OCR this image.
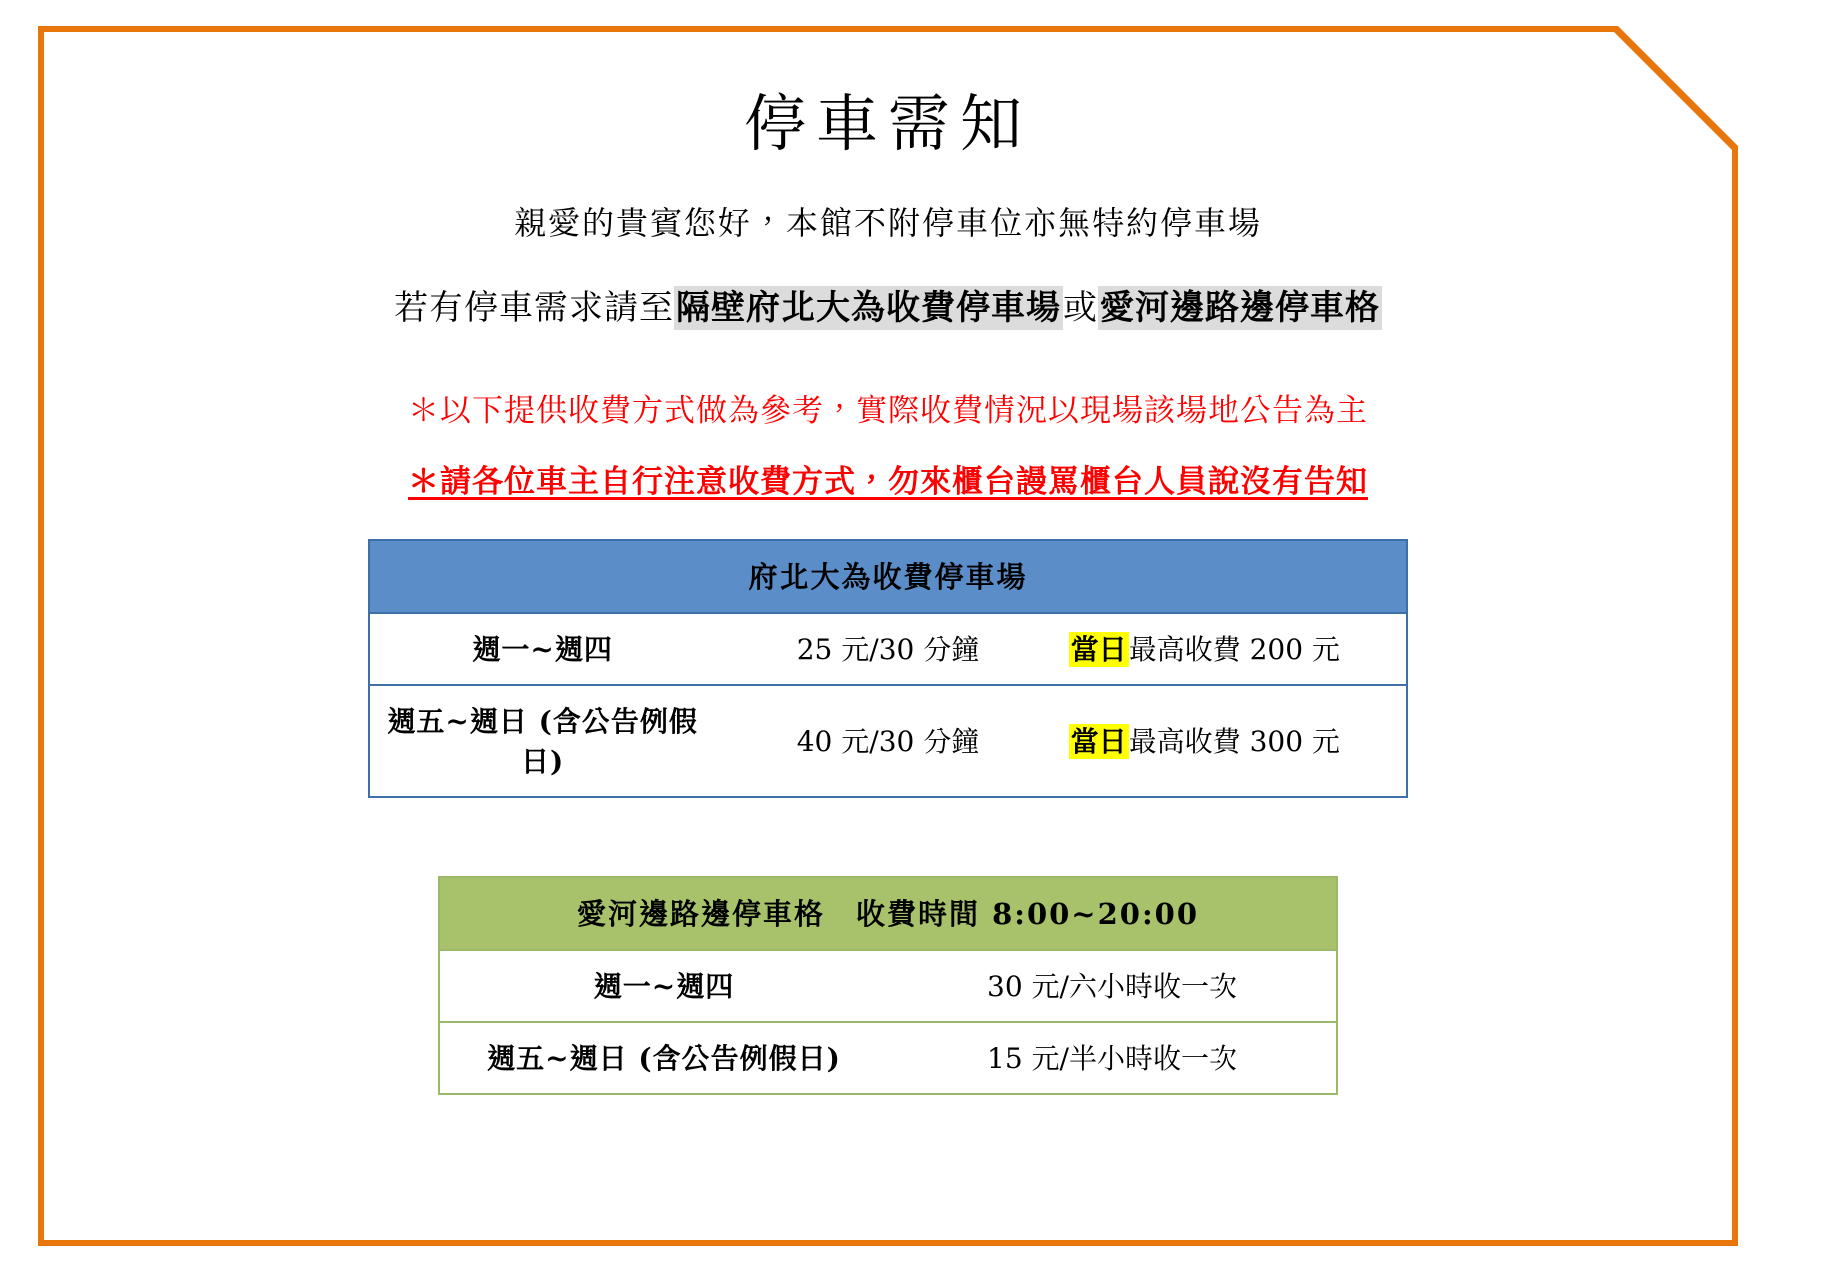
停車需知
親愛的貴賓您好，本館不附停車位亦無特約停車場
若有停車需求請至隔壁府北大為收費停車場或愛河邊路邊停車格
＊以下提供收費方式做為參考，實際收費情況以現場該場地公告為主
＊請各位車主自行注意收費方式，勿來櫃台謾罵櫃台人員說沒有告知
府北大為收費停車場		
週一~週四	25 元/30 分鐘	當日最高收費 200 元
週五~週日 (含公告例假日)	40 元/30 分鐘	當日最高收費 300 元
愛河邊路邊停車格　收費時間 8:00~20:00	
週一~週四	30 元/六小時收一次
週五~週日 (含公告例假日)	15 元/半小時收一次
